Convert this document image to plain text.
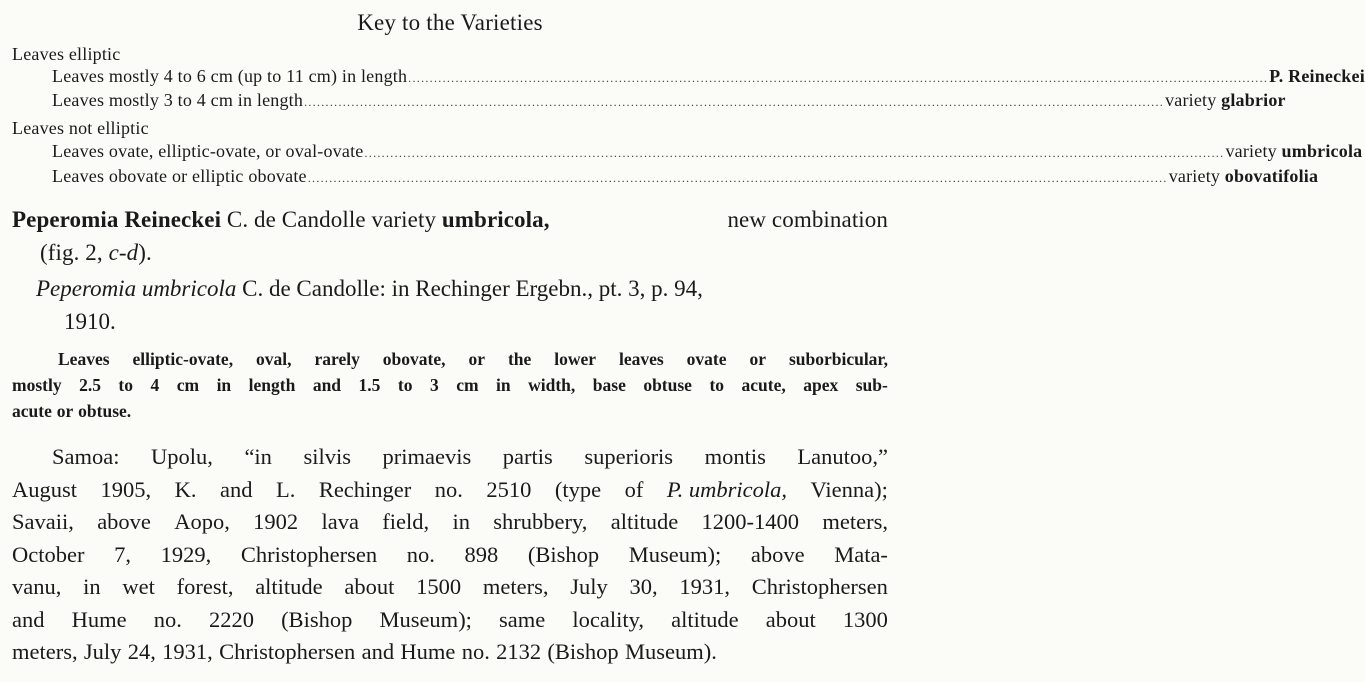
Key to the Varieties
Leaves elliptic
Leaves mostly 4 to 6 cm (up to 11 cm) in length ........................................................................................................................................................................................................ P. Reineckei
Leaves mostly 3 to 4 cm in length ........................................................................................................................................................................................................ variety glabrior
Leaves not elliptic
Leaves ovate, elliptic-ovate, or oval-ovate ........................................................................................................................................................................................................ variety umbricola
Leaves obovate or elliptic obovate ........................................................................................................................................................................................................ variety obovatifolia
Peperomia Reineckei C. de Candolle variety umbricola,	new combination
(fig. 2, c-d).
Peperomia umbricola C. de Candolle: in Rechinger Ergebn., pt. 3, p. 94,
1910.
Leaves elliptic-ovate, oval, rarely obovate, or the lower leaves ovate or suborbicular,
mostly 2.5 to 4 cm in length and 1.5 to 3 cm in width, base obtuse to acute, apex sub-
acute or obtuse.
Samoa: Upolu, “in silvis primaevis partis superioris montis Lanutoo,”
August 1905, K. and L. Rechinger no. 2510 (type of P. umbricola, Vienna);
Savaii, above Aopo, 1902 lava field, in shrubbery, altitude 1200-1400 meters,
October 7, 1929, Christophersen no. 898 (Bishop Museum); above Mata-
vanu, in wet forest, altitude about 1500 meters, July 30, 1931, Christophersen
and Hume no. 2220 (Bishop Museum); same locality, altitude about 1300
meters, July 24, 1931, Christophersen and Hume no. 2132 (Bishop Museum).
